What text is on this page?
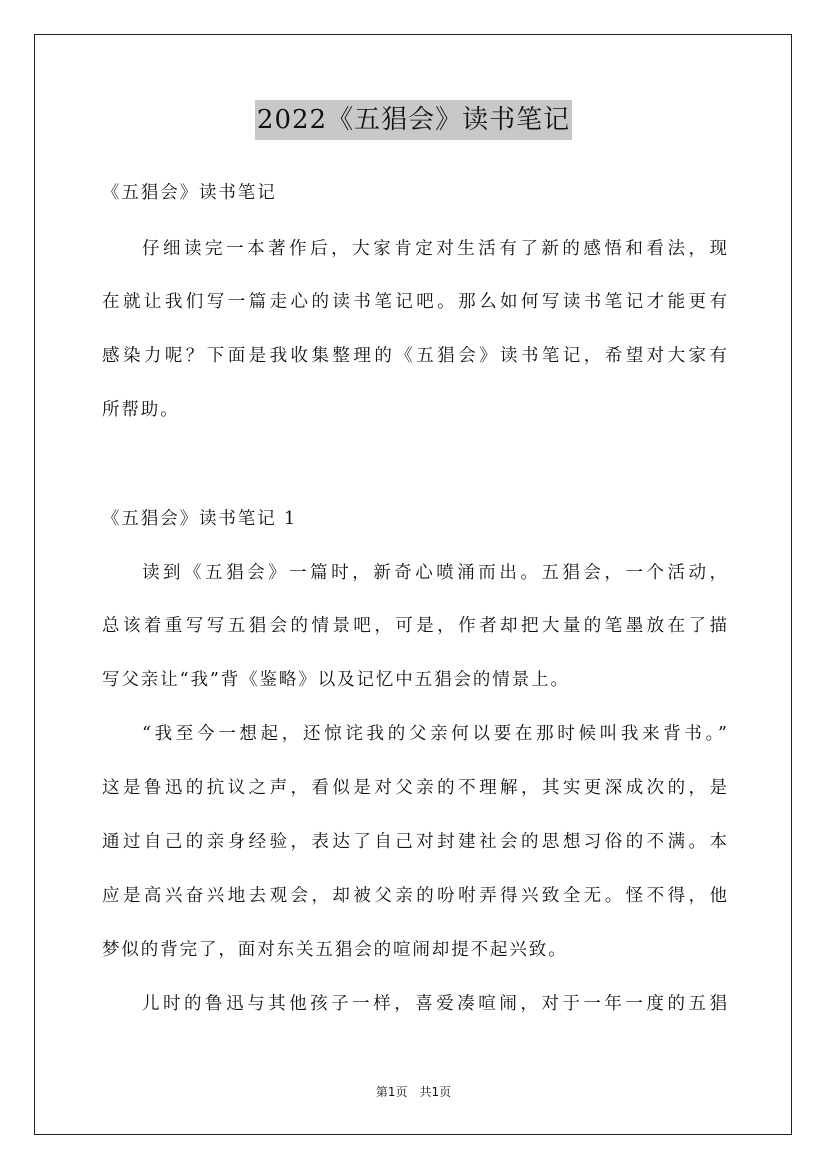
2022《五猖会》读书笔记
《五猖会》读书笔记
仔细读完一本著作后，大家肯定对生活有了新的感悟和看法，现
在就让我们写一篇走心的读书笔记吧。那么如何写读书笔记才能更有
感染力呢？下面是我收集整理的《五猖会》读书笔记，希望对大家有
所帮助。
《五猖会》读书笔记 1
读到《五猖会》一篇时，新奇心喷涌而出。五猖会，一个活动，
总该着重写写五猖会的情景吧，可是，作者却把大量的笔墨放在了描
写父亲让“我”背《鉴略》以及记忆中五猖会的情景上。
“我至今一想起，还惊诧我的父亲何以要在那时候叫我来背书。”
这是鲁迅的抗议之声，看似是对父亲的不理解，其实更深成次的，是
通过自己的亲身经验，表达了自己对封建社会的思想习俗的不满。本
应是高兴奋兴地去观会，却被父亲的吩咐弄得兴致全无。怪不得，他
梦似的背完了，面对东关五猖会的喧闹却提不起兴致。
儿时的鲁迅与其他孩子一样，喜爱凑喧闹，对于一年一度的五猖
第1页　共1页
